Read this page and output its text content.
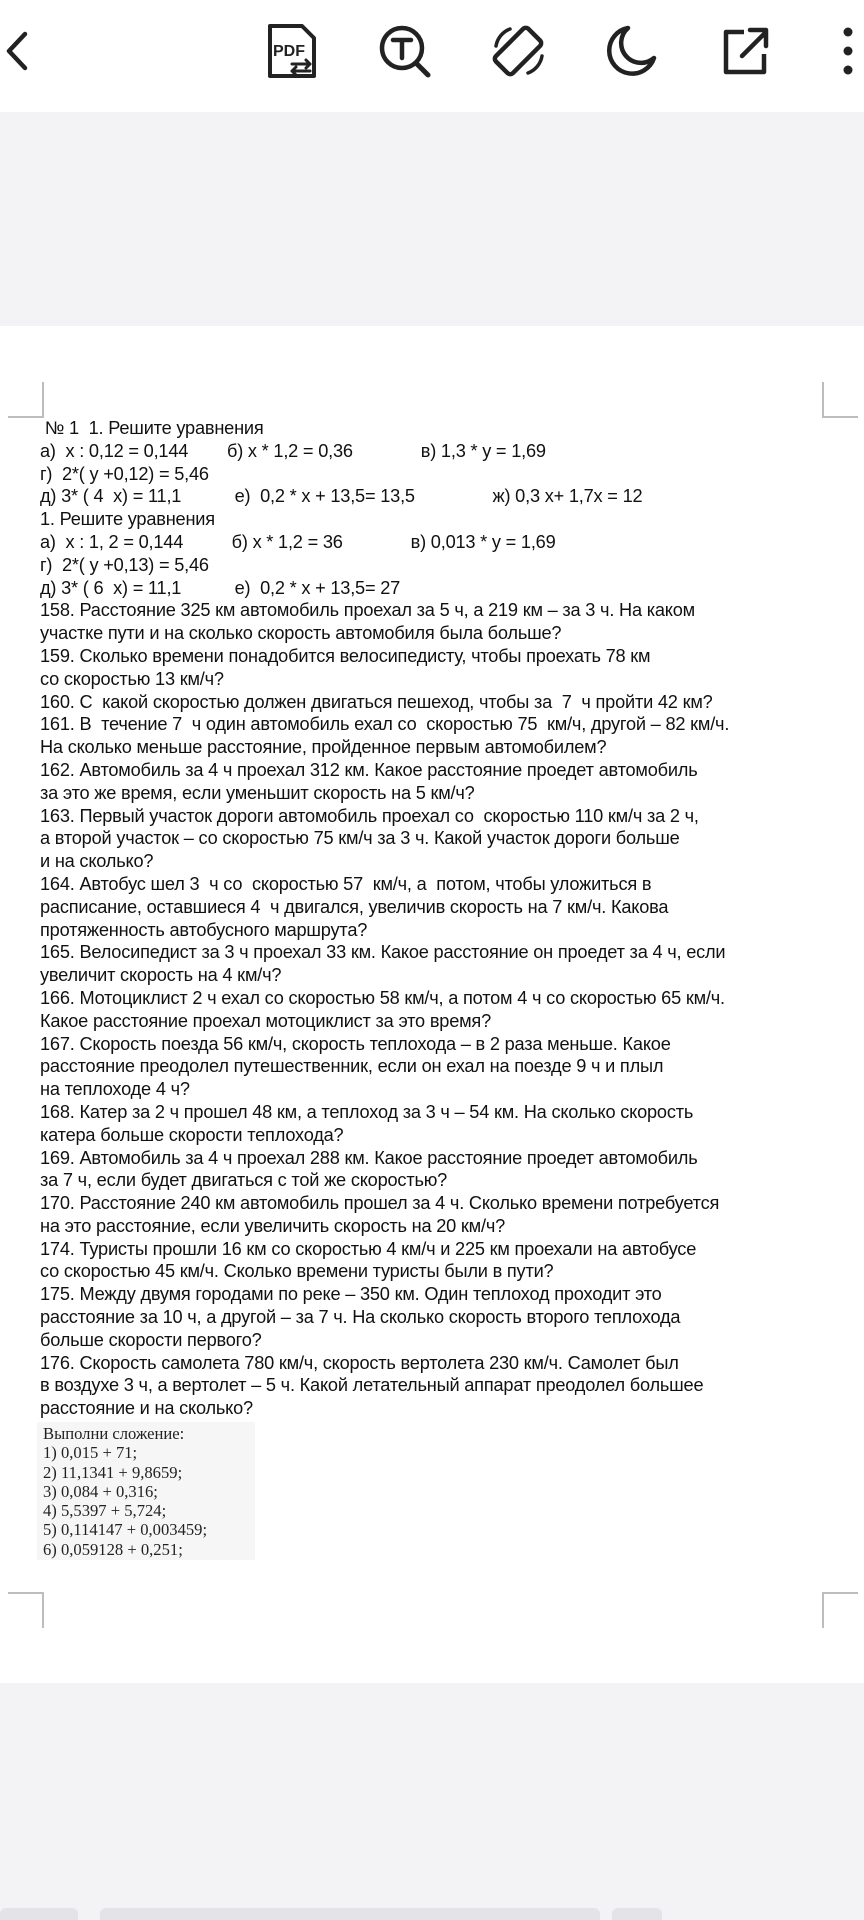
PDF
№ 1  1. Решите уравнения
а)  х : 0,12 = 0,144        б) х * 1,2 = 0,36              в) 1,3 * у = 1,69
г)  2*( у +0,12) = 5,46
д) 3* ( 4  х) = 11,1           е)  0,2 * х + 13,5= 13,5                ж) 0,3 х+ 1,7х = 12
1. Решите уравнения
а)  х : 1, 2 = 0,144          б) х * 1,2 = 36              в) 0,013 * у = 1,69
г)  2*( у +0,13) = 5,46
д) 3* ( 6  х) = 11,1           е)  0,2 * х + 13,5= 27
158. Расстояние 325 км автомобиль проехал за 5 ч, а 219 км – за 3 ч. На каком
участке пути и на сколько скорость автомобиля была больше?
159. Сколько времени понадобится велосипедисту, чтобы проехать 78 км
со скоростью 13 км/ч?
160. С  какой скоростью должен двигаться пешеход, чтобы за  7  ч пройти 42 км?
161. В  течение 7  ч один автомобиль ехал со  скоростью 75  км/ч, другой – 82 км/ч.
На сколько меньше расстояние, пройденное первым автомобилем?
162. Автомобиль за 4 ч проехал 312 км. Какое расстояние проедет автомобиль
за это же время, если уменьшит скорость на 5 км/ч?
163. Первый участок дороги автомобиль проехал со  скоростью 110 км/ч за 2 ч,
а второй участок – со скоростью 75 км/ч за 3 ч. Какой участок дороги больше
и на сколько?
164. Автобус шел 3  ч со  скоростью 57  км/ч, а  потом, чтобы уложиться в
расписание, оставшиеся 4  ч двигался, увеличив скорость на 7 км/ч. Какова
протяженность автобусного маршрута?
165. Велосипедист за 3 ч проехал 33 км. Какое расстояние он проедет за 4 ч, если
увеличит скорость на 4 км/ч?
166. Мотоциклист 2 ч ехал со скоростью 58 км/ч, а потом 4 ч со скоростью 65 км/ч.
Какое расстояние проехал мотоциклист за это время?
167. Скорость поезда 56 км/ч, скорость теплохода – в 2 раза меньше. Какое
расстояние преодолел путешественник, если он ехал на поезде 9 ч и плыл
на теплоходе 4 ч?
168. Катер за 2 ч прошел 48 км, а теплоход за 3 ч – 54 км. На сколько скорость
катера больше скорости теплохода?
169. Автомобиль за 4 ч проехал 288 км. Какое расстояние проедет автомобиль
за 7 ч, если будет двигаться с той же скоростью?
170. Расстояние 240 км автомобиль прошел за 4 ч. Сколько времени потребуется
на это расстояние, если увеличить скорость на 20 км/ч?
174. Туристы прошли 16 км со скоростью 4 км/ч и 225 км проехали на автобусе
со скоростью 45 км/ч. Сколько времени туристы были в пути?
175. Между двумя городами по реке – 350 км. Один теплоход проходит это
расстояние за 10 ч, а другой – за 7 ч. На сколько скорость второго теплохода
больше скорости первого?
176. Скорость самолета 780 км/ч, скорость вертолета 230 км/ч. Самолет был
в воздухе 3 ч, а вертолет – 5 ч. Какой летательный аппарат преодолел большее
расстояние и на сколько?
Выполни сложение:
1) 0,015 + 71;
2) 11,1341 + 9,8659;
3) 0,084 + 0,316;
4) 5,5397 + 5,724;
5) 0,114147 + 0,003459;
6) 0,059128 + 0,251;
